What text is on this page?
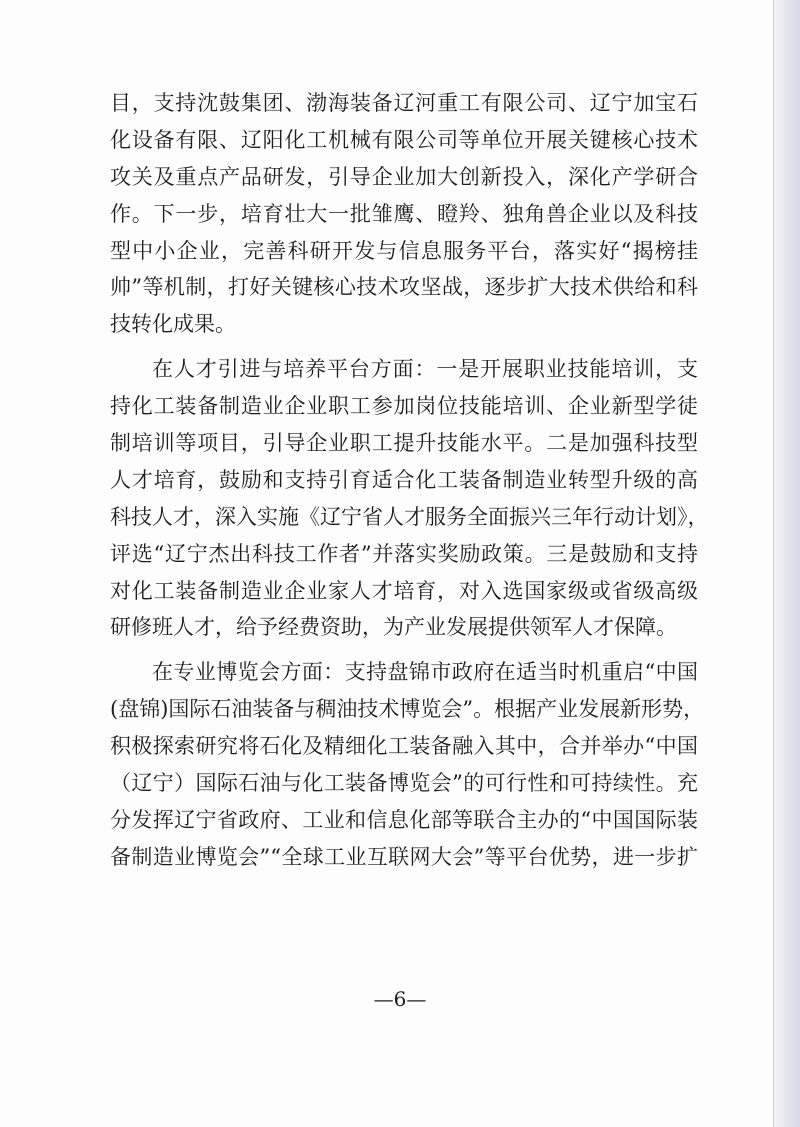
目，支持沈鼓集团、渤海装备辽河重工有限公司、辽宁加宝石
化设备有限、辽阳化工机械有限公司等单位开展关键核心技术
攻关及重点产品研发，引导企业加大创新投入，深化产学研合
作。下一步，培育壮大一批雏鹰、瞪羚、独角兽企业以及科技
型中小企业，完善科研开发与信息服务平台，落实好“揭榜挂
帅”等机制，打好关键核心技术攻坚战，逐步扩大技术供给和科
技转化成果。
在人才引进与培养平台方面：一是开展职业技能培训，支
持化工装备制造业企业职工参加岗位技能培训、企业新型学徒
制培训等项目，引导企业职工提升技能水平。二是加强科技型
人才培育，鼓励和支持引育适合化工装备制造业转型升级的高
科技人才，深入实施《辽宁省人才服务全面振兴三年行动计划》，
评选“辽宁杰出科技工作者”并落实奖励政策。三是鼓励和支持
对化工装备制造业企业家人才培育，对入选国家级或省级高级
研修班人才，给予经费资助，为产业发展提供领军人才保障。
在专业博览会方面：支持盘锦市政府在适当时机重启“中国
(盘锦)国际石油装备与稠油技术博览会”。根据产业发展新形势，
积极探索研究将石化及精细化工装备融入其中，合并举办“中国
（辽宁）国际石油与化工装备博览会”的可行性和可持续性。充
分发挥辽宁省政府、工业和信息化部等联合主办的“中国国际装
备制造业博览会”“全球工业互联网大会”等平台优势，进一步扩
—6—
